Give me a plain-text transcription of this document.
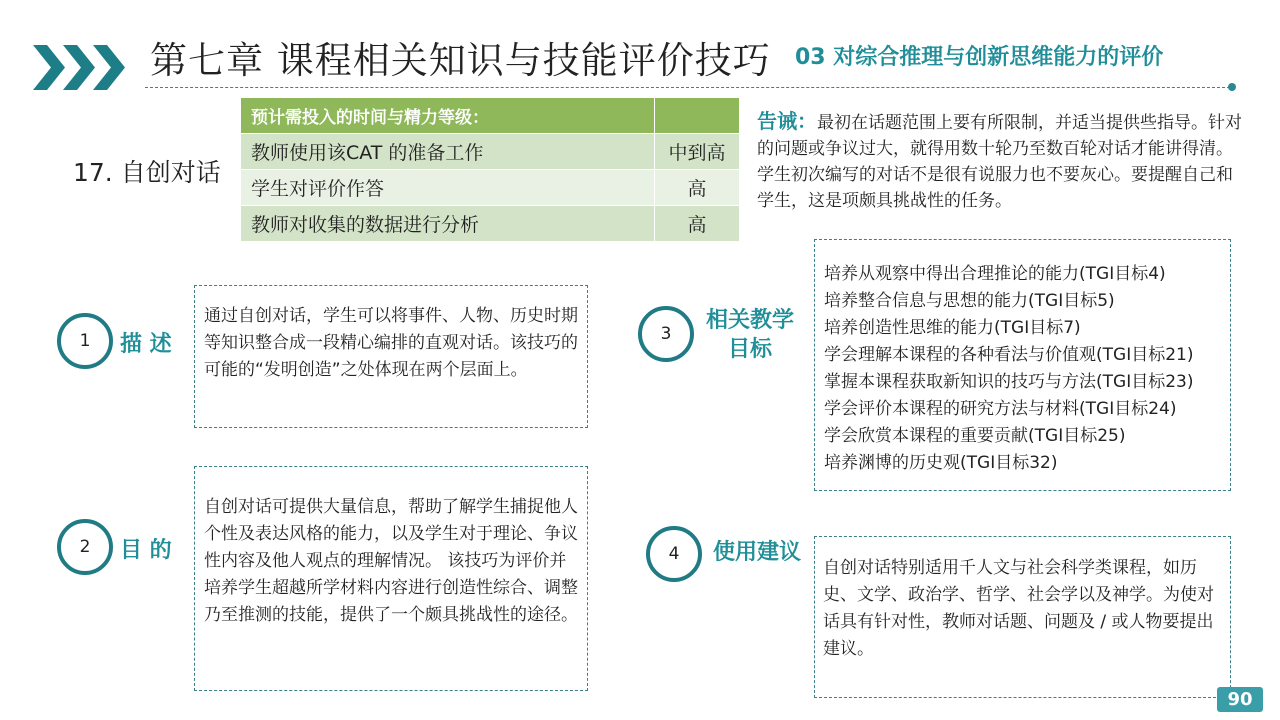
第七章 课程相关知识与技能评价技巧 03 对综合推理与创新思维能力的评价
17. 自创对话
预计需投入的时间与精力等级：	
教师使用该CAT 的准备工作	中到高
学生对评价作答	高
教师对收集的数据进行分析	高
告诫：最初在话题范围上要有所限制，并适当提供些指导。针对的问题或争议过大，就得用数十轮乃至数百轮对话才能讲得清。学生初次编写的对话不是很有说服力也不要灰心。要提醒自己和学生，这是项颇具挑战性的任务。
1 描 述
通过自创对话，学生可以将事件、人物、历史时期等知识整合成一段精心编排的直观对话。该技巧的可能的“发明创造”之处体现在两个层面上。
2 目 的
自创对话可提供大量信息，帮助了解学生捕捉他人个性及表达风格的能力，以及学生对于理论、争议性内容及他人观点的理解情况。 该技巧为评价并培养学生超越所学材料内容进行创造性综合、调整乃至推测的技能，提供了一个颇具挑战性的途径。
3
相关教学
目标
培养从观察中得出合理推论的能力(TGI目标4)
培养整合信息与思想的能力(TGI目标5)
培养创造性思维的能力(TGI目标7)
学会理解本课程的各种看法与价值观(TGI目标21)
掌握本课程获取新知识的技巧与方法(TGI目标23)
学会评价本课程的研究方法与材料(TGI目标24)
学会欣赏本课程的重要贡献(TGI目标25)
培养渊博的历史观(TGI目标32)
4 使用建议
自创对话特别适用千人文与社会科学类课程，如历史、文学、政治学、哲学、社会学以及神学。为使对话具有针对性，教师对话题、问题及 / 或人物要提出建议。
90
